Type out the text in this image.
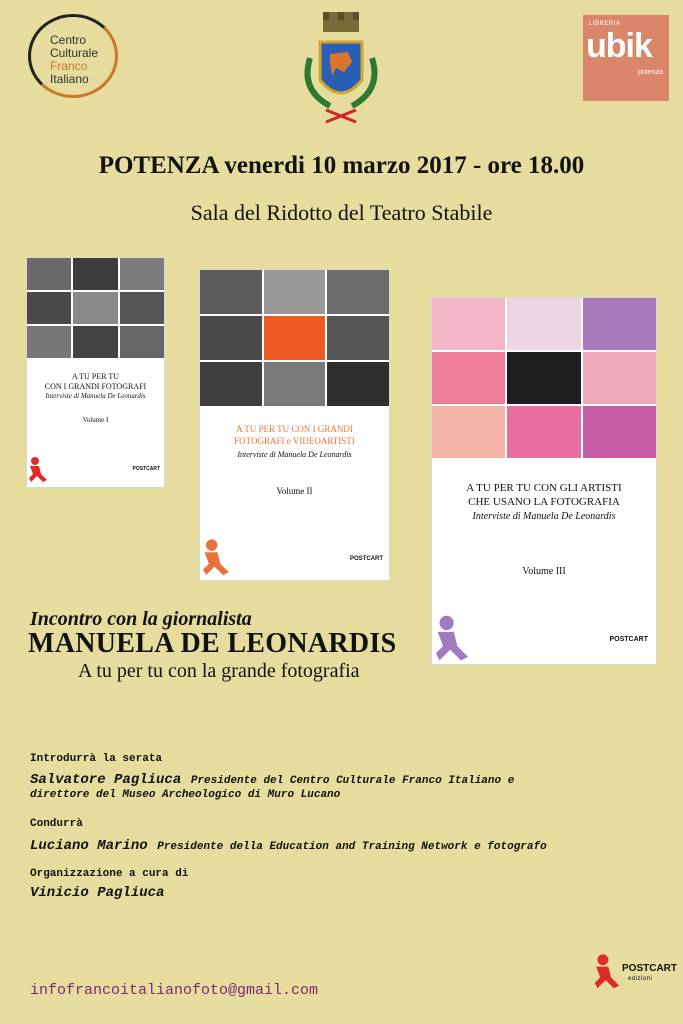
Centro
Culturale
Franco
Italiano
LIBRERIA
ubik
potenza
POTENZA venerdi 10 marzo 2017 - ore 18.00
Sala del Ridotto del Teatro Stabile
A TU PER TU
CON I GRANDI FOTOGRAFI
Interviste di Manuela De Leonardis
Volume I
POSTCART
A TU PER TU CON I GRANDI
FOTOGRAFI e VIDEOARTISTI
Interviste di Manuela De Leonardis
Volume II
POSTCART
A TU PER TU CON GLI ARTISTI
CHE USANO LA FOTOGRAFIA
Interviste di Manuela De Leonardis
Volume III
POSTCART
Incontro con la giornalista
MANUELA DE LEONARDIS
A tu per tu con la grande fotografia
Introdurrà la serata
Salvatore Pagliuca Presidente del Centro Culturale Franco Italiano e
direttore del Museo Archeologico di Muro Lucano
Condurrà
Luciano Marino Presidente della Education and Training Network e fotografo
Organizzazione a cura di
Vinicio Pagliuca
infofrancoitalianofoto@gmail.com
POSTCART
edizioni
